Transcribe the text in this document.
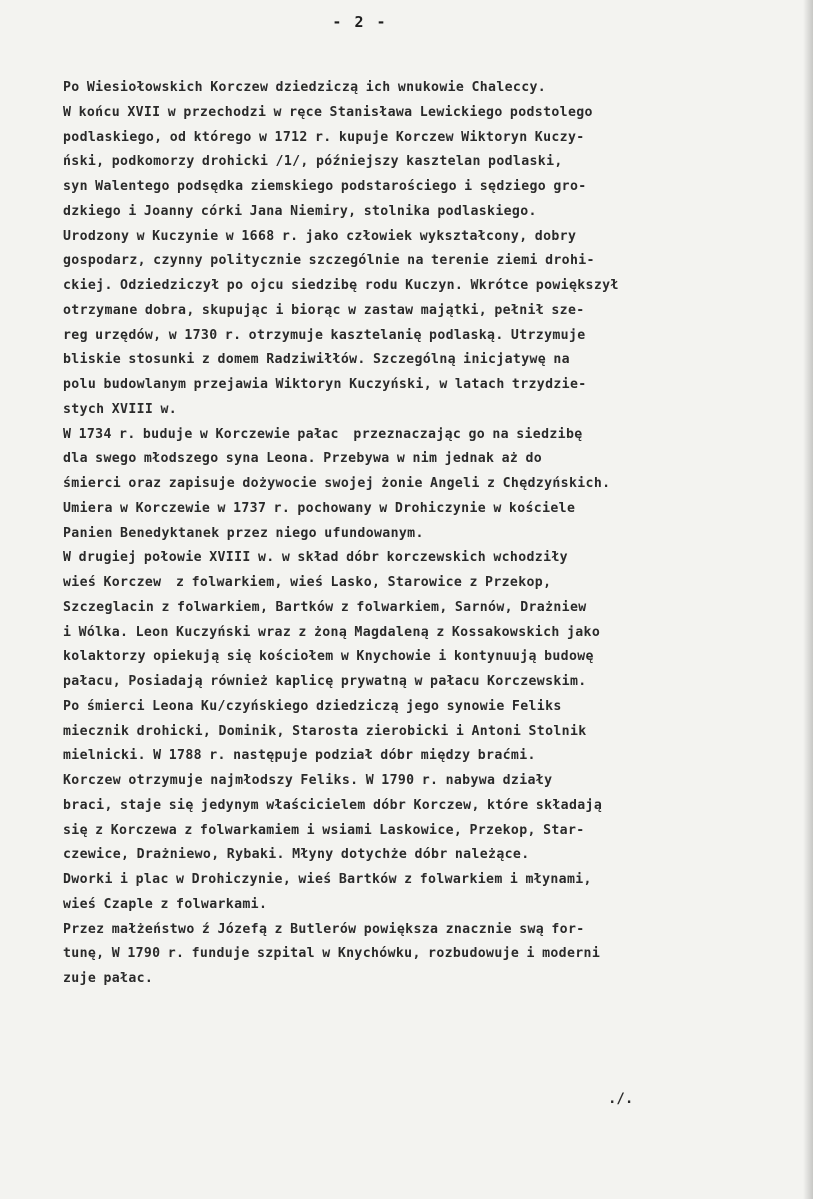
- 2 -
Po Wiesiołowskich Korczew dziedziczą ich wnukowie Chaleccy.
W końcu XVII w przechodzi w ręce Stanisława Lewickiego podstolego
podlaskiego, od którego w 1712 r. kupuje Korczew Wiktoryn Kuczy-
ński, podkomorzy drohicki /1/, późniejszy kasztelan podlaski,
syn Walentego podsędka ziemskiego podstarościego i sędziego gro-
dzkiego i Joanny córki Jana Niemiry, stolnika podlaskiego.
Urodzony w Kuczynie w 1668 r. jako człowiek wykształcony, dobry
gospodarz, czynny politycznie szczególnie na terenie ziemi drohi-
ckiej. Odziedziczył po ojcu siedzibę rodu Kuczyn. Wkrótce powiększył
otrzymane dobra, skupując i biorąc w zastaw majątki, pełnił sze-
reg urzędów, w 1730 r. otrzymuje kasztelanię podlaską. Utrzymuje
bliskie stosunki z domem Radziwiłłów. Szczególną inicjatywę na
polu budowlanym przejawia Wiktoryn Kuczyński, w latach trzydzie-
stych XVIII w.
W 1734 r. buduje w Korczewie pałac  przeznaczając go na siedzibę
dla swego młodszego syna Leona. Przebywa w nim jednak aż do
śmierci oraz zapisuje dożywocie swojej żonie Angeli z Chędzyńskich.
Umiera w Korczewie w 1737 r. pochowany w Drohiczynie w kościele
Panien Benedyktanek przez niego ufundowanym.
W drugiej połowie XVIII w. w skład dóbr korczewskich wchodziły
wieś Korczew  z folwarkiem, wieś Lasko, Starowice z Przekop,
Szczeglacin z folwarkiem, Bartków z folwarkiem, Sarnów, Drażniew
i Wólka. Leon Kuczyński wraz z żoną Magdaleną z Kossakowskich jako
kolaktorzy opiekują się kościołem w Knychowie i kontynuują budowę
pałacu, Posiadają również kaplicę prywatną w pałacu Korczewskim.
Po śmierci Leona Ku/czyńskiego dziedziczą jego synowie Feliks
miecznik drohicki, Dominik, Starosta zierobicki i Antoni Stolnik
mielnicki. W 1788 r. następuje podział dóbr między braćmi.
Korczew otrzymuje najmłodszy Feliks. W 1790 r. nabywa działy
braci, staje się jedynym właścicielem dóbr Korczew, które składają
się z Korczewa z folwarkamiem i wsiami Laskowice, Przekop, Star-
czewice, Drażniewo, Rybaki. Młyny dotychże dóbr należące.
Dworki i plac w Drohiczynie, wieś Bartków z folwarkiem i młynami,
wieś Czaple z folwarkami.
Przez małżeństwo ź Józefą z Butlerów powiększa znacznie swą for-
tunę, W 1790 r. funduje szpital w Knychówku, rozbudowuje i moderni
zuje pałac.
./.
